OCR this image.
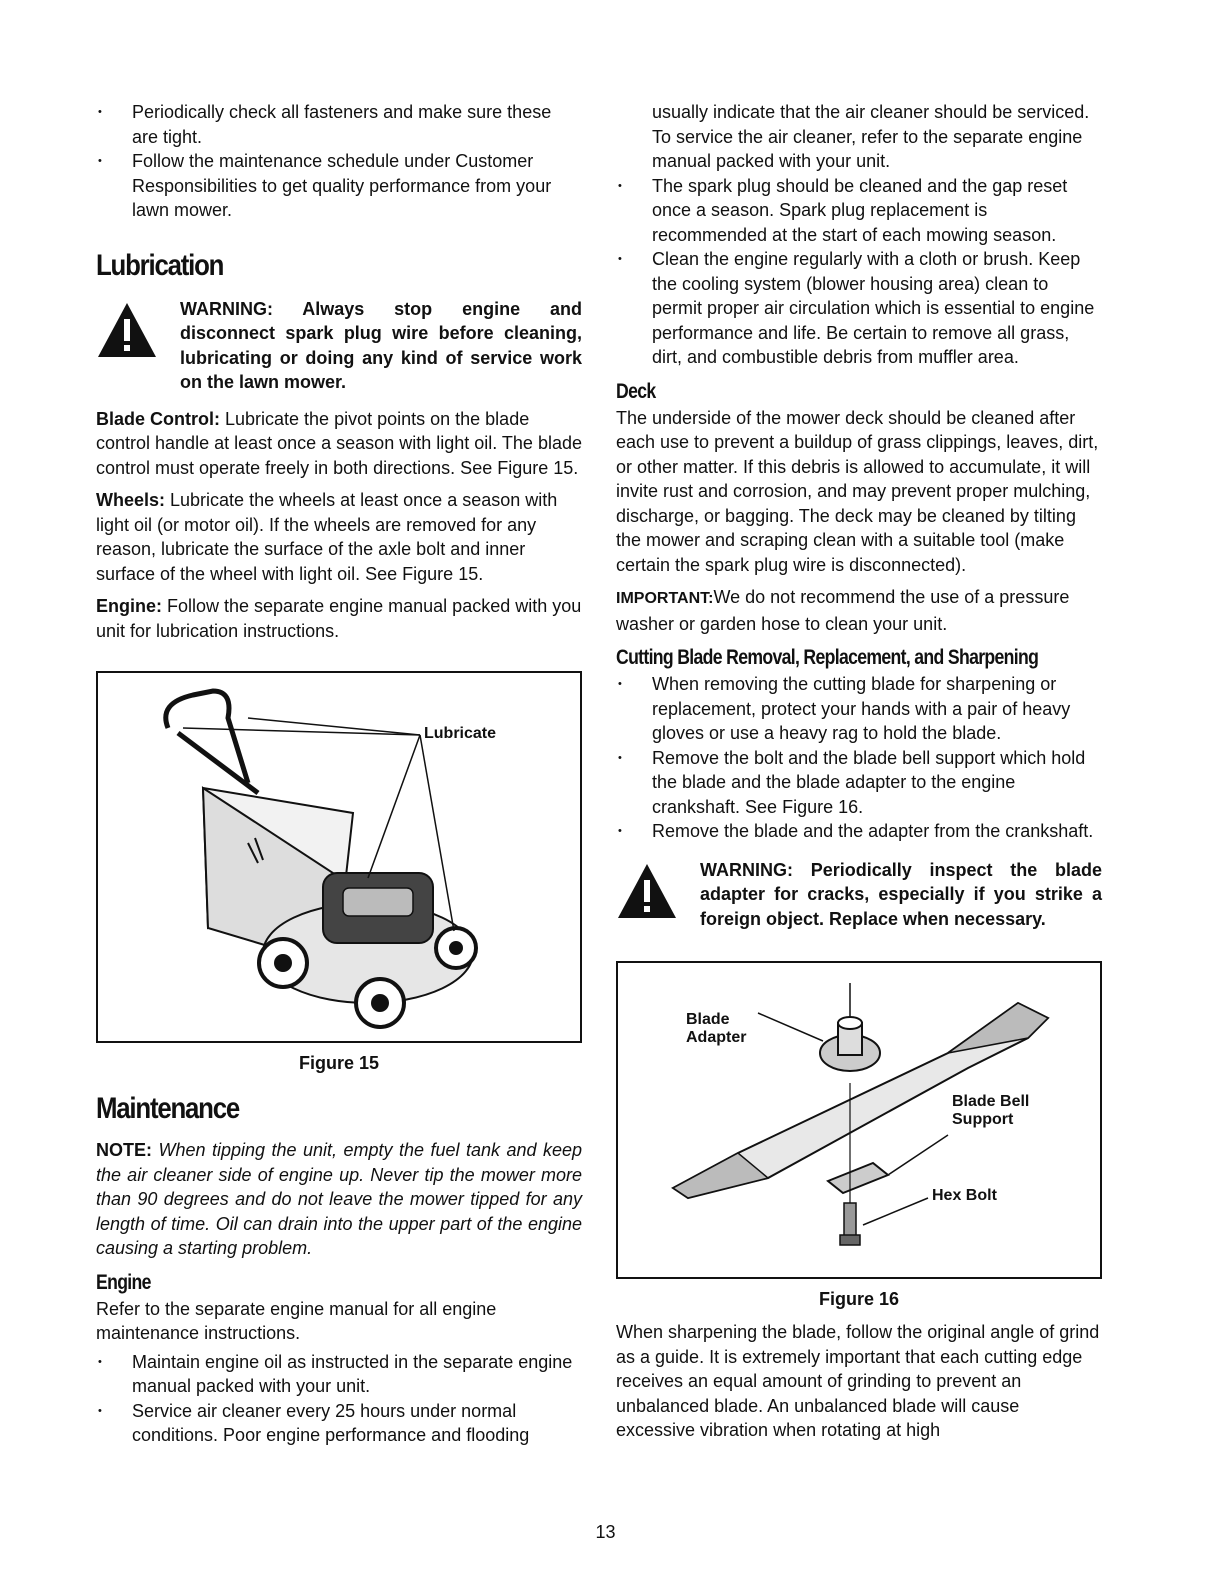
• Periodically check all fasteners and make sure these are tight.
• Follow the maintenance schedule under Customer Responsibilities to get quality performance from your lawn mower.
Lubrication
WARNING: Always stop engine and disconnect spark plug wire before cleaning, lubricating or doing any kind of service work on the lawn mower.

Blade Control: Lubricate the pivot points on the blade control handle at least once a season with light oil. The blade control must operate freely in both directions. See Figure 15.

Wheels: Lubricate the wheels at least once a season with light oil (or motor oil). If the wheels are removed for any reason, lubricate the surface of the axle bolt and inner surface of the wheel with light oil. See Figure 15.

Engine: Follow the separate engine manual packed with you unit for lubrication instructions.

Lubricate
Figure 15
Maintenance

NOTE: When tipping the unit, empty the fuel tank and keep the air cleaner side of engine up. Never tip the mower more than 90 degrees and do not leave the mower tipped for any length of time. Oil can drain into the upper part of the engine causing a starting problem.

Engine

Refer to the separate engine manual for all engine maintenance instructions.

• Maintain engine oil as instructed in the separate engine manual packed with your unit.
• Service air cleaner every 25 hours under normal conditions. Poor engine performance and flooding

usually indicate that the air cleaner should be serviced. To service the air cleaner, refer to the separate engine manual packed with your unit.

• The spark plug should be cleaned and the gap reset once a season. Spark plug replacement is recommended at the start of each mowing season.
• Clean the engine regularly with a cloth or brush. Keep the cooling system (blower housing area) clean to permit proper air circulation which is essential to engine performance and life. Be certain to remove all grass, dirt, and combustible debris from muffler area.
Deck

The underside of the mower deck should be cleaned after each use to prevent a buildup of grass clippings, leaves, dirt, or other matter. If this debris is allowed to accumulate, it will invite rust and corrosion, and may prevent proper mulching, discharge, or bagging. The deck may be cleaned by tilting the mower and scraping clean with a suitable tool (make certain the spark plug wire is disconnected).

IMPORTANT:We do not recommend the use of a pressure washer or garden hose to clean your unit.

Cutting Blade Removal, Replacement, and Sharpening
• When removing the cutting blade for sharpening or replacement, protect your hands with a pair of heavy gloves or use a heavy rag to hold the blade.
• Remove the bolt and the blade bell support which hold the blade and the blade adapter to the engine crankshaft. See Figure 16.
• Remove the blade and the adapter from the crankshaft.
WARNING: Periodically inspect the blade adapter for cracks, especially if you strike a foreign object. Replace when necessary.
Blade
Adapter
Blade Bell
Support
Hex Bolt
Figure 16

When sharpening the blade, follow the original angle of grind as a guide. It is extremely important that each cutting edge receives an equal amount of grinding to prevent an unbalanced blade. An unbalanced blade will cause excessive vibration when rotating at high

13
